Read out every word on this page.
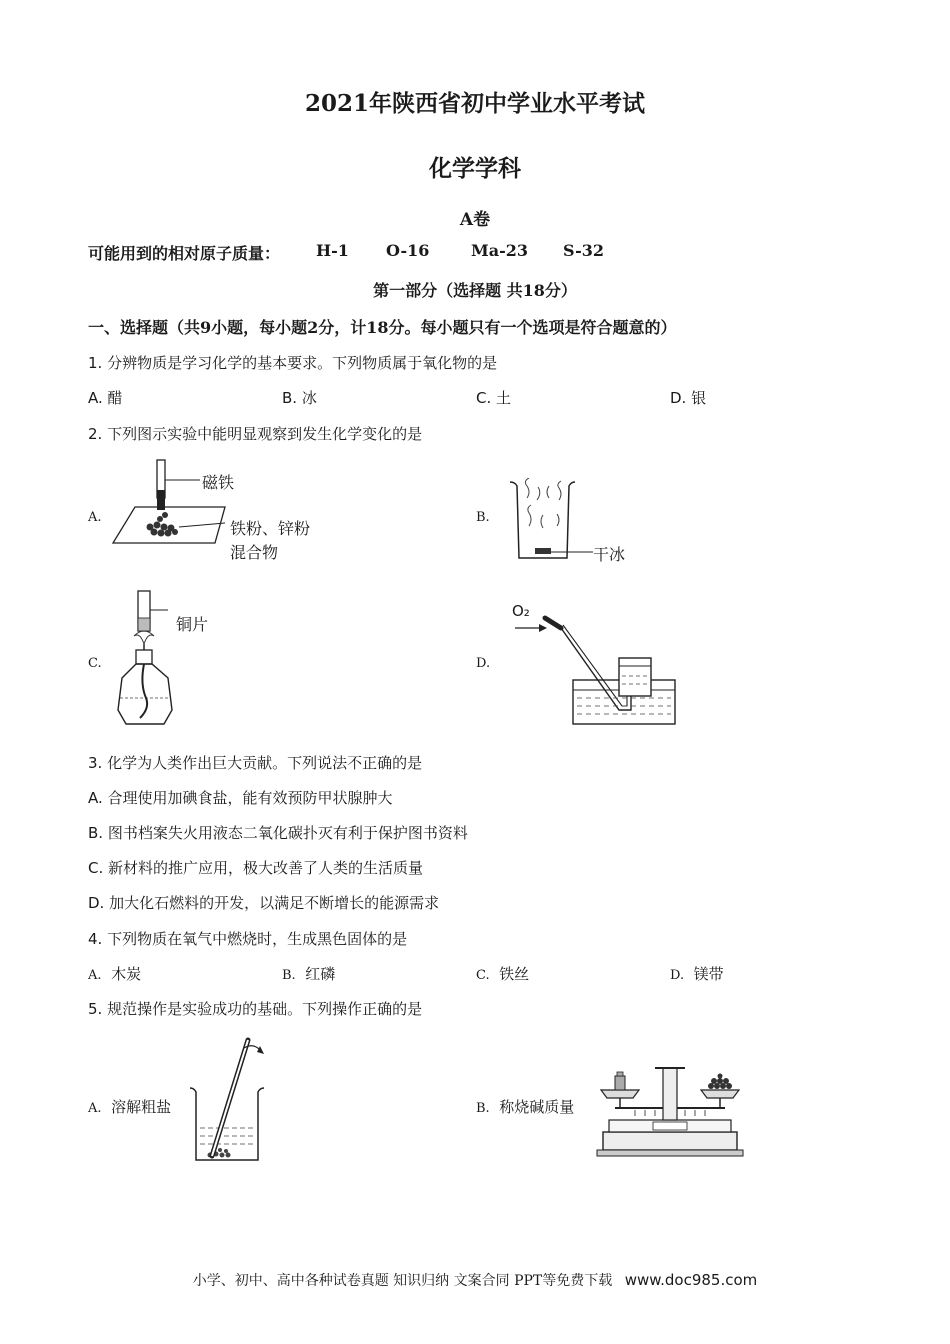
2021年陕西省初中学业水平考试
化学学科
A卷
可能用到的相对原子质量： H-1 O-16	Ma-23 S-32
第一部分（选择题 共18分）
一、选择题（共9小题，每小题2分，计18分。每小题只有一个选项是符合题意的）
1. 分辨物质是学习化学的基本要求。下列物质属于氧化物的是
A. 醋	B. 冰	C. 土	D. 银
2. 下列图示实验中能明显观察到发生化学变化的是
A.
磁铁
铁粉、锌粉
混合物
B.
干冰
C.
铜片
D.
O₂
3. 化学为人类作出巨大贡献。下列说法不正确的是
A. 合理使用加碘食盐，能有效预防甲状腺肿大
B. 图书档案失火用液态二氧化碳扑灭有利于保护图书资料
C. 新材料的推广应用，极大改善了人类的生活质量
D. 加大化石燃料的开发，以满足不断增长的能源需求
4. 下列物质在氧气中燃烧时，生成黑色固体的是
A. 木炭	B. 红磷	C. 铁丝	D. 镁带
5. 规范操作是实验成功的基础。下列操作正确的是
A. 溶解粗盐	B. 称烧碱质量
小学、初中、高中各种试卷真题 知识归纳 文案合同 PPT等免费下载 www.doc985.com
